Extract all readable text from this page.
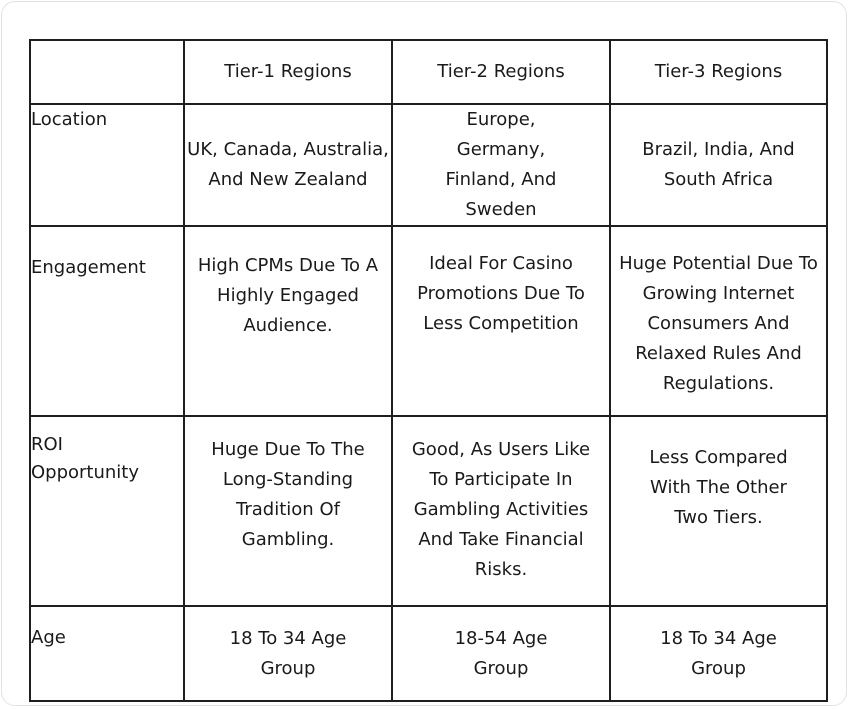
	Tier-1 Regions	Tier-2 Regions	Tier-3 Regions
Location	UK, Canada, Australia, And New Zealand	Europe, Germany, Finland, And Sweden	Brazil, India, And South Africa
Engagement	High CPMs Due To A Highly Engaged Audience.	Ideal For Casino Promotions Due To Less Competition	Huge Potential Due To Growing Internet Consumers And Relaxed Rules And Regulations.
ROI Opportunity	Huge Due To The Long-Standing Tradition Of Gambling.	Good, As Users Like To Participate In Gambling Activities And Take Financial Risks.	Less Compared With The Other Two Tiers.
Age	18 To 34 Age Group	18-54 Age Group	18 To 34 Age Group
